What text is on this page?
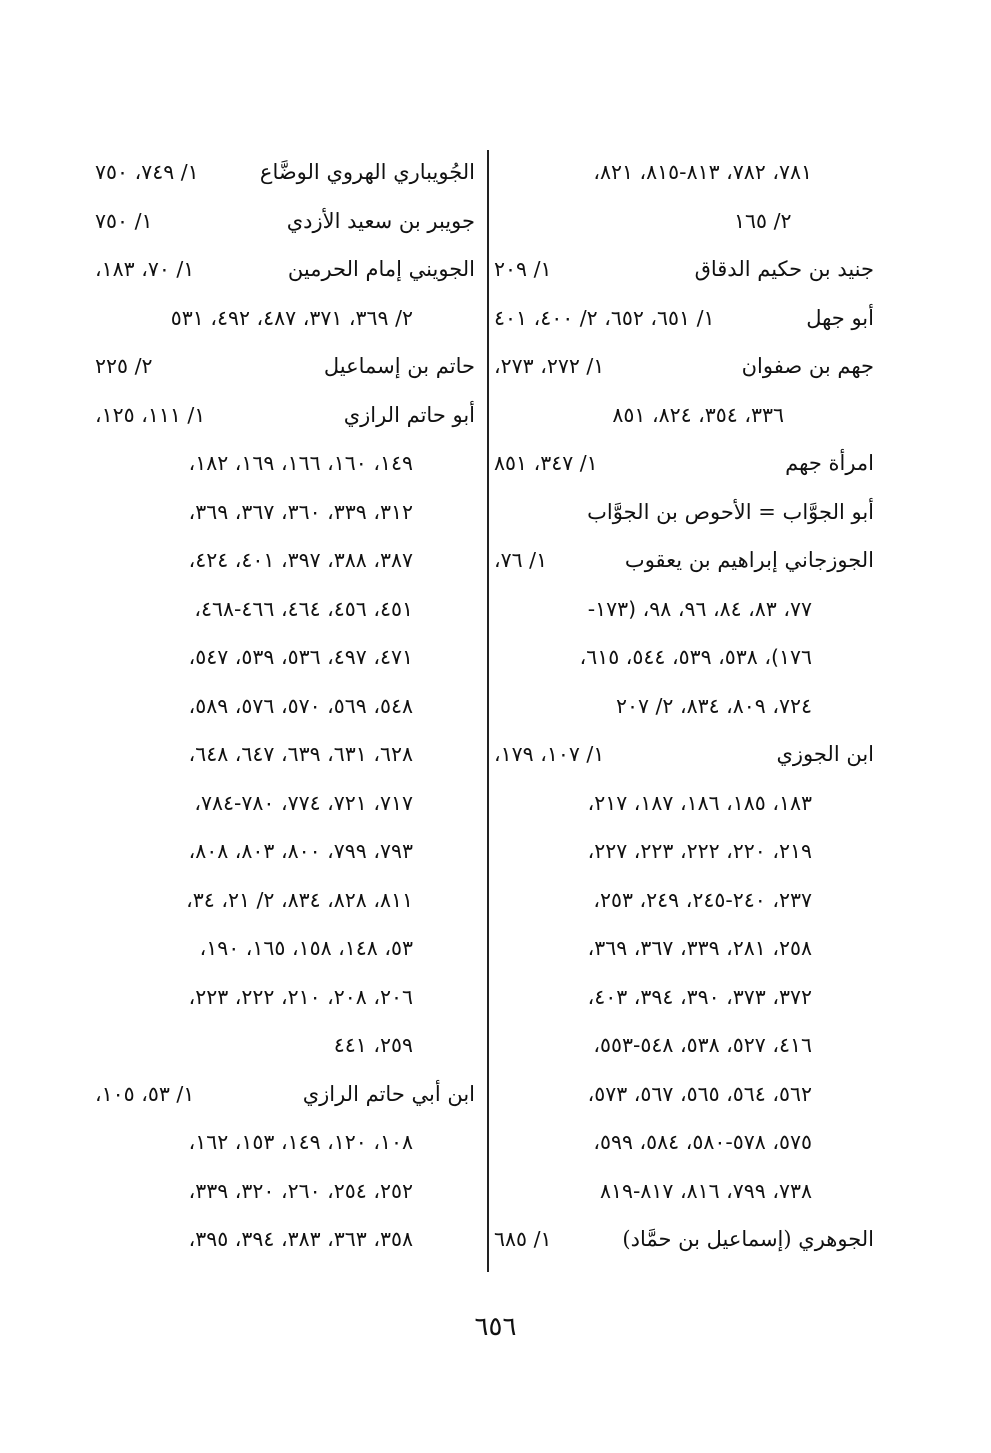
٧٨١، ٧٨٢، ٨١٣-٨١٥، ٨٢١،
٢/ ١٦٥
جنيد بن حكيم الدقاق
١/ ٢٠٩
أبو جهل
١/ ٦٥١، ٦٥٢، ٢/ ٤٠٠، ٤٠١
جهم بن صفوان
١/ ٢٧٢، ٢٧٣،
٣٣٦، ٣٥٤، ٨٢٤، ٨٥١
امرأة جهم
١/ ٣٤٧، ٨٥١
أبو الجوَّاب = الأحوص بن الجوَّاب
الجوزجاني إبراهيم بن يعقوب
١/ ٧٦،
٧٧، ٨٣، ٨٤، ٩٦، ٩٨، (١٧٣-
١٧٦)، ٥٣٨، ٥٣٩، ٥٤٤، ٦١٥،
٧٢٤، ٨٠٩، ٨٣٤، ٢/ ٢٠٧
ابن الجوزي
١/ ١٠٧، ١٧٩،
١٨٣، ١٨٥، ١٨٦، ١٨٧، ٢١٧،
٢١٩، ٢٢٠، ٢٢٢، ٢٢٣، ٢٢٧،
٢٣٧، ٢٤٠-٢٤٥، ٢٤٩، ٢٥٣،
٢٥٨، ٢٨١، ٣٣٩، ٣٦٧، ٣٦٩،
٣٧٢، ٣٧٣، ٣٩٠، ٣٩٤، ٤٠٣،
٤١٦، ٥٢٧، ٥٣٨، ٥٤٨-٥٥٣،
٥٦٢، ٥٦٤، ٥٦٥، ٥٦٧، ٥٧٣،
٥٧٥، ٥٧٨-٥٨٠، ٥٨٤، ٥٩٩،
٧٣٨، ٧٩٩، ٨١٦، ٨١٧-٨١٩
الجوهري (إسماعيل بن حمَّاد)
١/ ٦٨٥
الجُويباري الهروي الوضَّاع
١/ ٧٤٩، ٧٥٠
جويبر بن سعيد الأزدي
١/ ٧٥٠
الجويني إمام الحرمين
١/ ٧٠، ١٨٣،
٢/ ٣٦٩، ٣٧١، ٤٨٧، ٤٩٢، ٥٣١
حاتم بن إسماعيل
٢/ ٢٢٥
أبو حاتم الرازي
١/ ١١١، ١٢٥،
١٤٩، ١٦٠، ١٦٦، ١٦٩، ١٨٢،
٣١٢، ٣٣٩، ٣٦٠، ٣٦٧، ٣٦٩،
٣٨٧، ٣٨٨، ٣٩٧، ٤٠١، ٤٢٤،
٤٥١، ٤٥٦، ٤٦٤، ٤٦٦-٤٦٨،
٤٧١، ٤٩٧، ٥٣٦، ٥٣٩، ٥٤٧،
٥٤٨، ٥٦٩، ٥٧٠، ٥٧٦، ٥٨٩،
٦٢٨، ٦٣١، ٦٣٩، ٦٤٧، ٦٤٨،
٧١٧، ٧٢١، ٧٧٤، ٧٨٠-٧٨٤،
٧٩٣، ٧٩٩، ٨٠٠، ٨٠٣، ٨٠٨،
٨١١، ٨٢٨، ٨٣٤، ٢/ ٢١، ٣٤،
٥٣، ١٤٨، ١٥٨، ١٦٥، ١٩٠،
٢٠٦، ٢٠٨، ٢١٠، ٢٢٢، ٢٢٣،
٢٥٩، ٤٤١
ابن أبي حاتم الرازي
١/ ٥٣، ١٠٥،
١٠٨، ١٢٠، ١٤٩، ١٥٣، ١٦٢،
٢٥٢، ٢٥٤، ٢٦٠، ٣٢٠، ٣٣٩،
٣٥٨، ٣٦٣، ٣٨٣، ٣٩٤، ٣٩٥،
٦٥٦
